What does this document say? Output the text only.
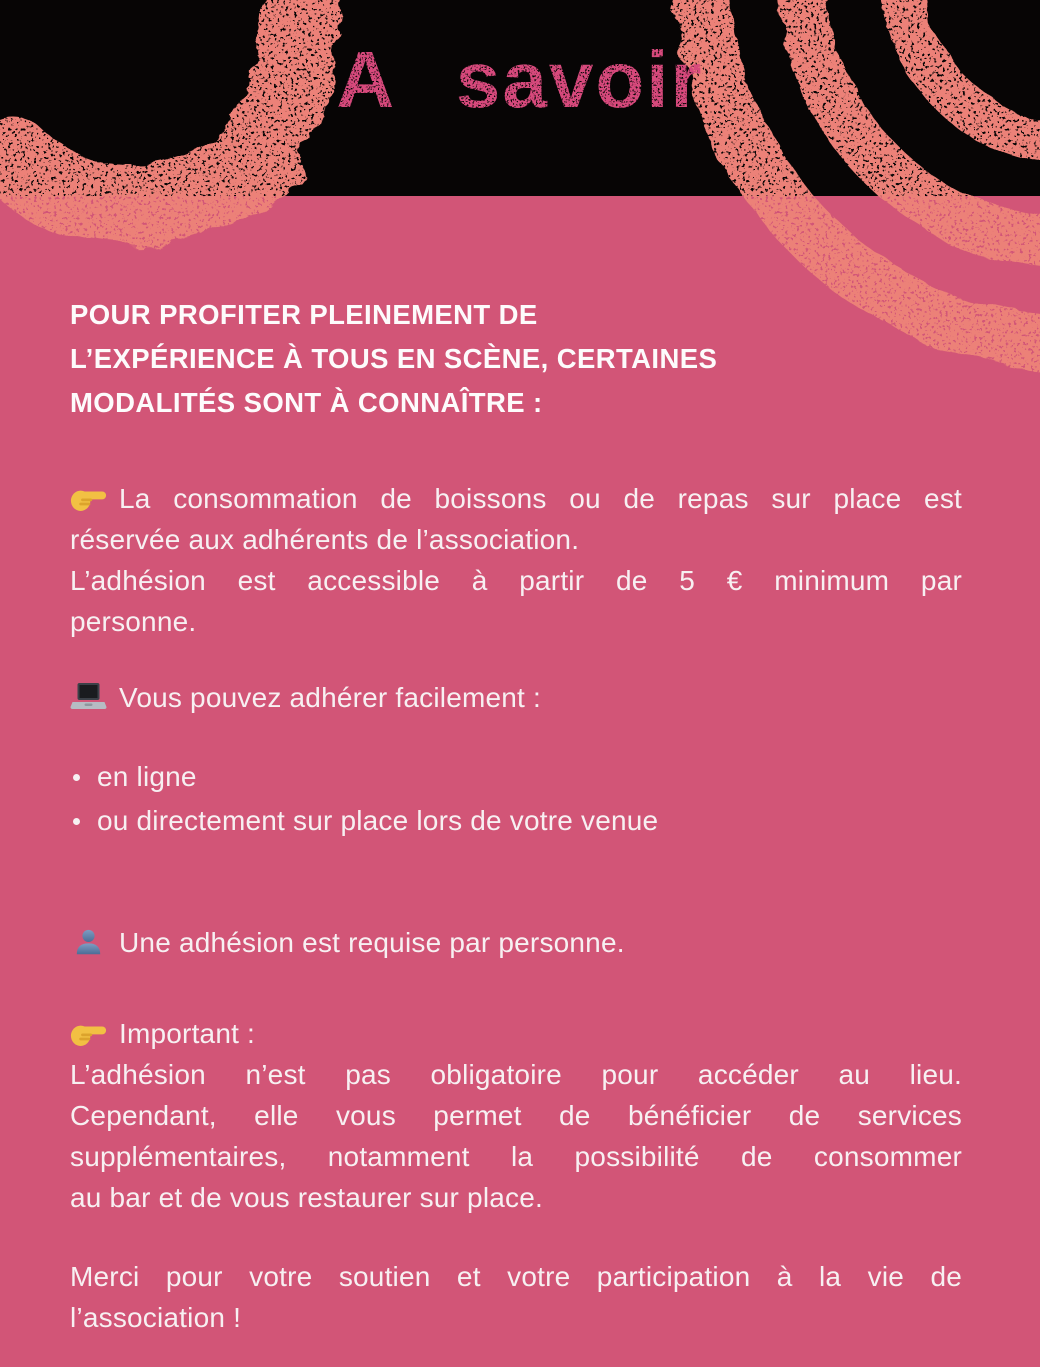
A savoir
POUR PROFITER PLEINEMENT DE
L’EXPÉRIENCE À TOUS EN SCÈNE, CERTAINES
MODALITÉS SONT À CONNAÎTRE :
La consommation de boissons ou de repas sur place est
réservée aux adhérents de l’association.
L’adhésion est accessible à partir de 5 € minimum par
personne.
Vous pouvez adhérer facilement :
en ligne
ou directement sur place lors de votre venue
Une adhésion est requise par personne.
Important :
L’adhésion n’est pas obligatoire pour accéder au lieu.
Cependant, elle vous permet de bénéficier de services
supplémentaires, notamment la possibilité de consommer
au bar et de vous restaurer sur place.
Merci pour votre soutien et votre participation à la vie de
l’association !
